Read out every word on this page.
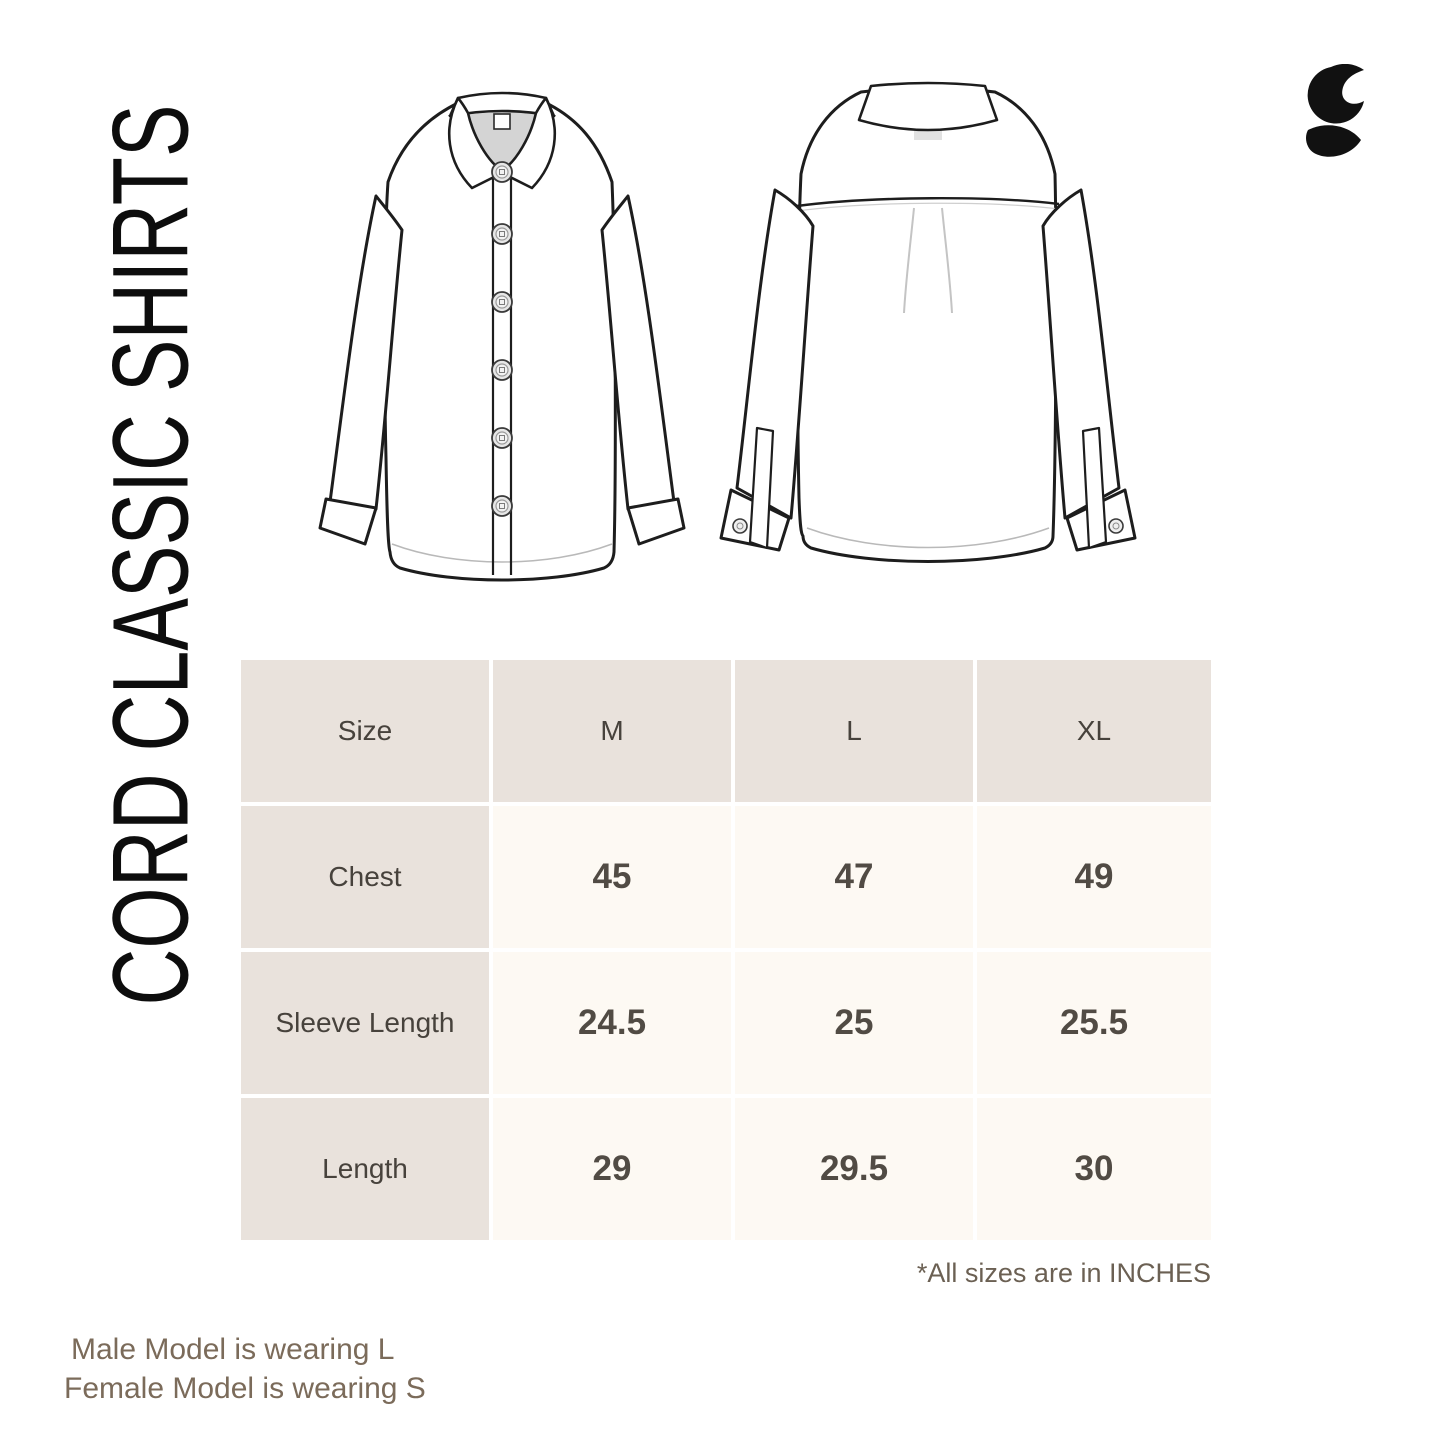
CORD CLASSIC SHIRTS	Size	M	L	XL
Chest	45	47	49
Sleeve Length	24.5	25	25.5
Length	29	29.5	30
*All sizes are in INCHES
Male Model is wearing L
Female Model is wearing S
